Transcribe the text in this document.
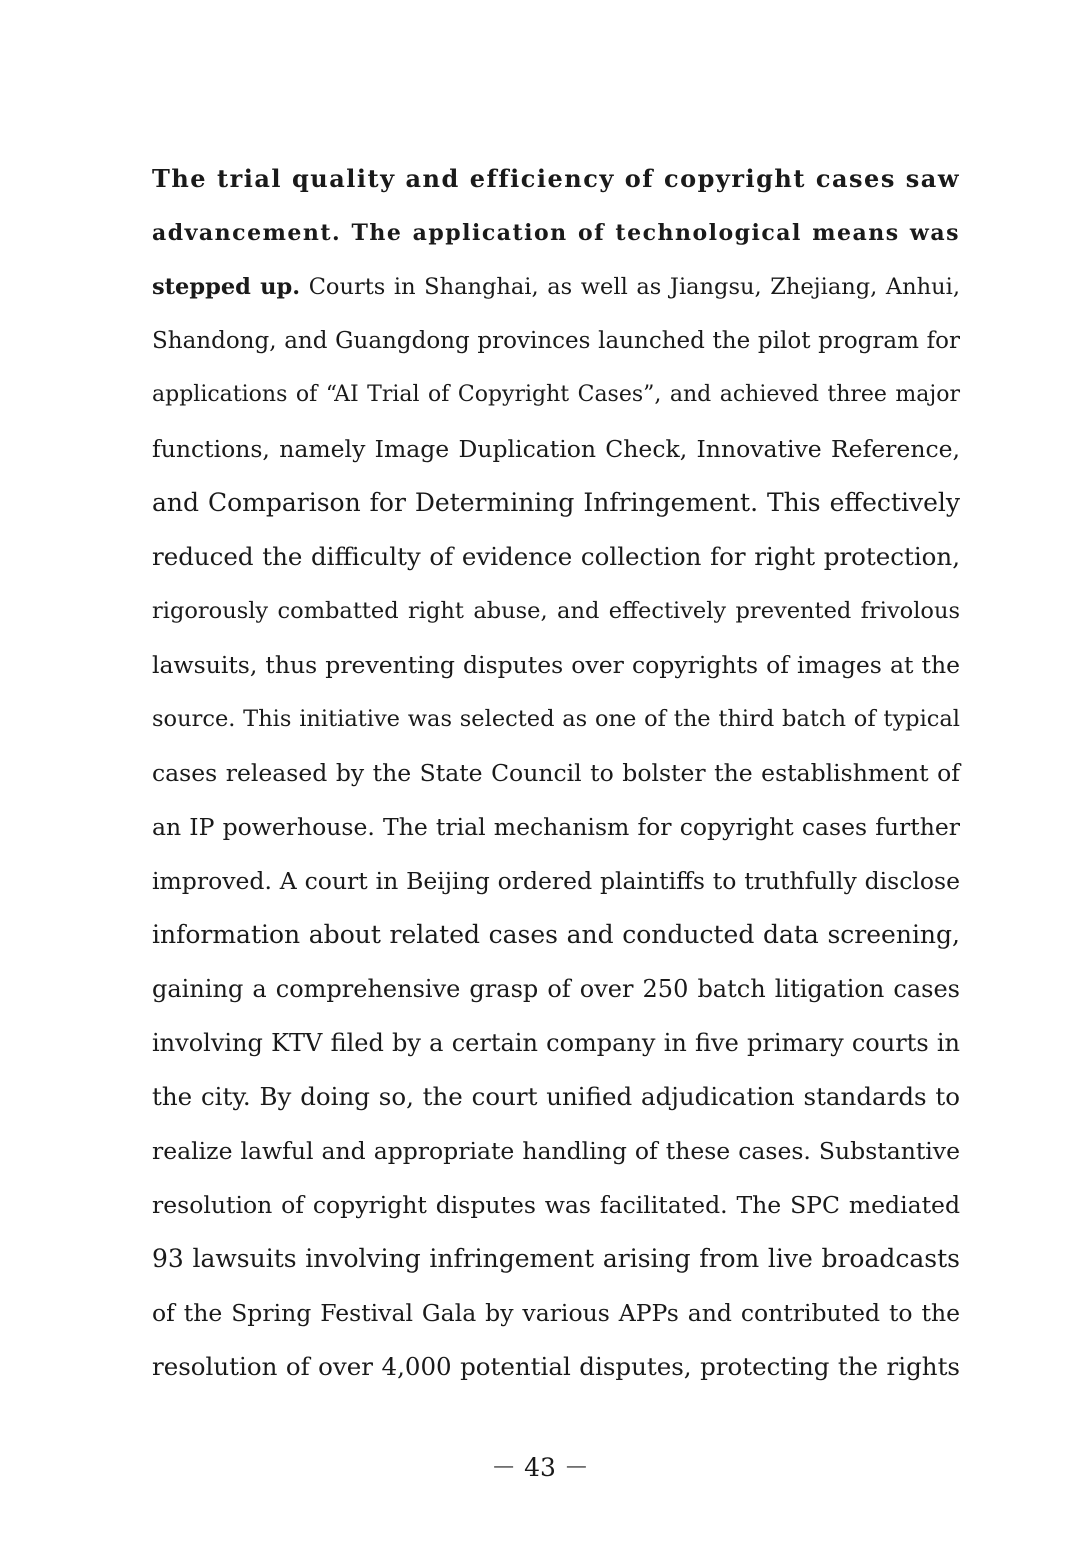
The trial quality and efficiency of copyright cases saw
advancement. The application of technological means was
stepped up. Courts in Shanghai, as well as Jiangsu, Zhejiang, Anhui,
Shandong, and Guangdong provinces launched the pilot program for
applications of “AI Trial of Copyright Cases”, and achieved three major
functions, namely Image Duplication Check, Innovative Reference,
and Comparison for Determining Infringement. This effectively
reduced the difficulty of evidence collection for right protection,
rigorously combatted right abuse, and effectively prevented frivolous
lawsuits, thus preventing disputes over copyrights of images at the
source. This initiative was selected as one of the third batch of typical
cases released by the State Council to bolster the establishment of
an IP powerhouse. The trial mechanism for copyright cases further
improved. A court in Beijing ordered plaintiffs to truthfully disclose
information about related cases and conducted data screening,
gaining a comprehensive grasp of over 250 batch litigation cases
involving KTV filed by a certain company in five primary courts in
the city. By doing so, the court unified adjudication standards to
realize lawful and appropriate handling of these cases. Substantive
resolution of copyright disputes was facilitated. The SPC mediated
93 lawsuits involving infringement arising from live broadcasts
of the Spring Festival Gala by various APPs and contributed to the
resolution of over 4,000 potential disputes, protecting the rights
－ 43 －
